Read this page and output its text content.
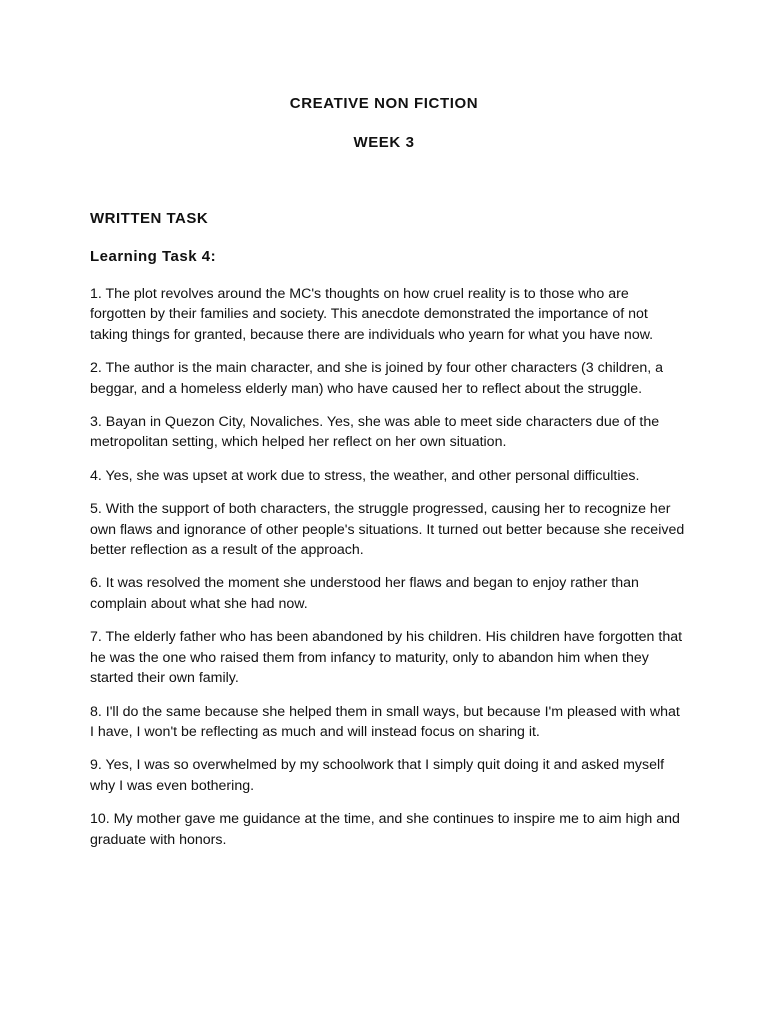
CREATIVE NON FICTION
WEEK 3
WRITTEN TASK
Learning Task 4:
1. The plot revolves around the MC's thoughts on how cruel reality is to those who are forgotten by their families and society. This anecdote demonstrated the importance of not taking things for granted, because there are individuals who yearn for what you have now.
2. The author is the main character, and she is joined by four other characters (3 children, a beggar, and a homeless elderly man) who have caused her to reflect about the struggle.
3. Bayan in Quezon City, Novaliches. Yes, she was able to meet side characters due of the metropolitan setting, which helped her reflect on her own situation.
4. Yes, she was upset at work due to stress, the weather, and other personal difficulties.
5. With the support of both characters, the struggle progressed, causing her to recognize her own flaws and ignorance of other people's situations. It turned out better because she received better reflection as a result of the approach.
6. It was resolved the moment she understood her flaws and began to enjoy rather than complain about what she had now.
7. The elderly father who has been abandoned by his children. His children have forgotten that he was the one who raised them from infancy to maturity, only to abandon him when they started their own family.
8. I'll do the same because she helped them in small ways, but because I'm pleased with what I have, I won't be reflecting as much and will instead focus on sharing it.
9. Yes, I was so overwhelmed by my schoolwork that I simply quit doing it and asked myself why I was even bothering.
10. My mother gave me guidance at the time, and she continues to inspire me to aim high and graduate with honors.
